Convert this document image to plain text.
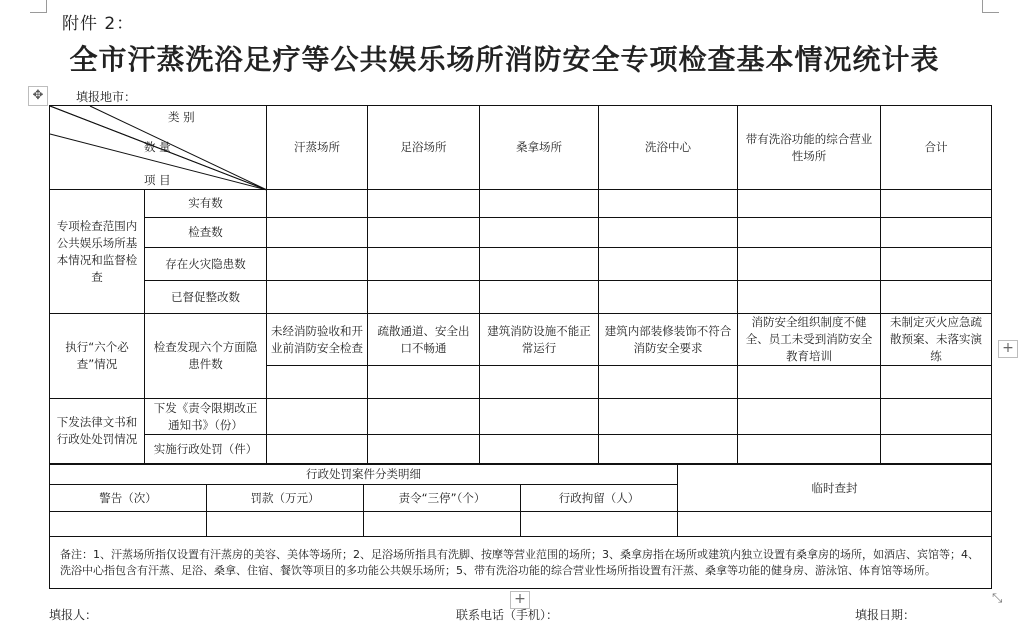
附件 2：
全市汗蒸洗浴足疗等公共娱乐场所消防安全专项检查基本情况统计表
✥	填报地市：
类 别
数 量
项 目		汗蒸场所	足浴场所	桑拿场所	洗浴中心	带有洗浴功能的综合营业性场所	合计
专项检查范围内公共娱乐场所基本情况和监督检查	实有数						
	检查数						
	存在火灾隐患数						
	已督促整改数						
执行“六个必查”情况	检查发现六个方面隐患件数	未经消防验收和开业前消防安全检查	疏散通道、安全出口不畅通	建筑消防设施不能正常运行	建筑内部装修装饰不符合消防安全要求	消防安全组织制度不健全、员工未受到消防安全教育培训	未制定灭火应急疏散预案、未落实演练

下发法律文书和行政处处罚情况	下发《责令限期改正通知书》（份）						
	实施行政处罚（件）						
行政处罚案件分类明细				临时查封
警告（次）	罚款（万元）	责令“三停”（个）	行政拘留（人）	

备注：1、汗蒸场所指仅设置有汗蒸房的美容、美体等场所；2、足浴场所指具有洗脚、按摩等营业范围的场所；3、桑拿房指在场所或建筑内独立设置有桑拿房的场所，如酒店、宾馆等；4、洗浴中心指包含有汗蒸、足浴、桑拿、住宿、餐饮等项目的多功能公共娱乐场所；5、带有洗浴功能的综合营业性场所指设置有汗蒸、桑拿等功能的健身房、游泳馆、体育馆等场所。				
+
+	⤡
填报人：	联系电话（手机）：	填报日期：
